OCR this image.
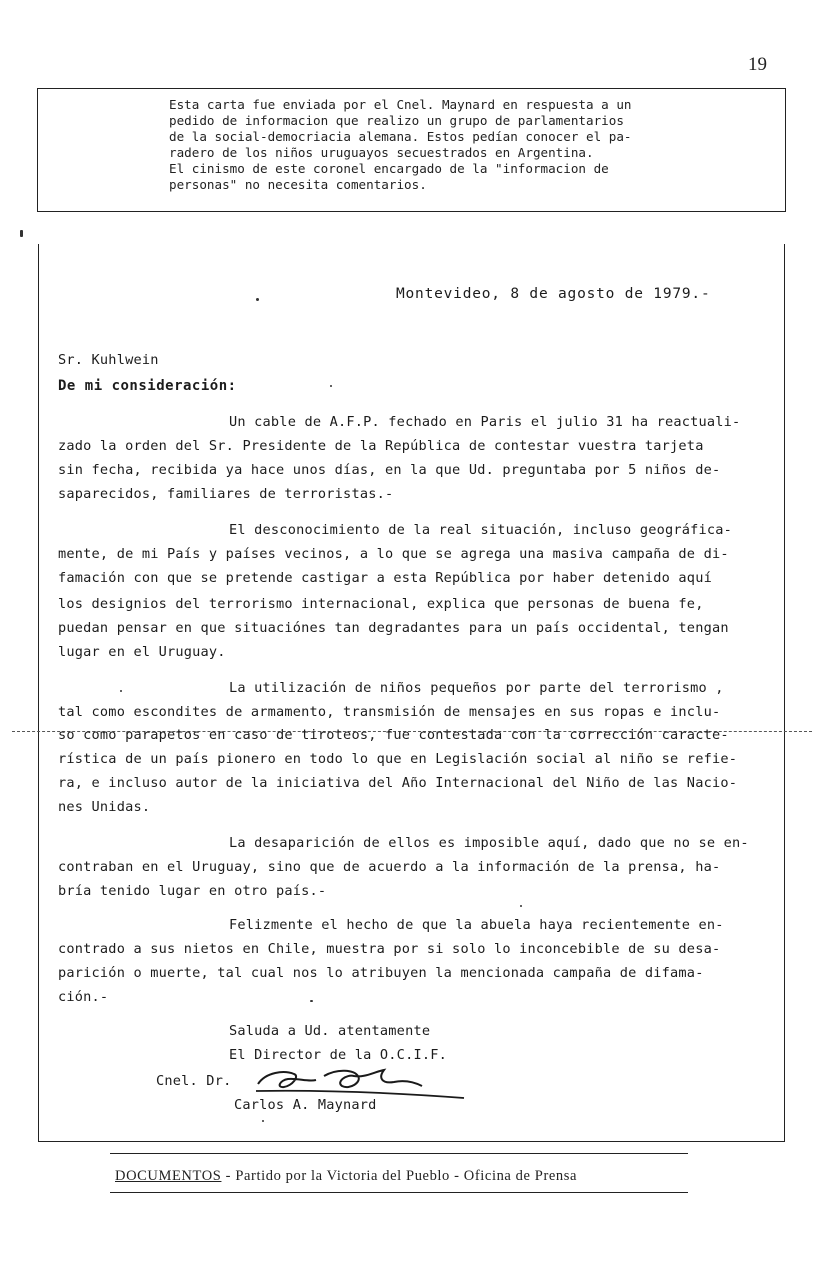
19
Esta carta fue enviada por el Cnel. Maynard en respuesta a un
pedido de informacion que realizo un grupo de parlamentarios
de la social-democriacia alemana. Estos pedían conocer el pa-
radero de los niños uruguayos secuestrados en Argentina.
El cinismo de este coronel encargado de la "informacion de
personas" no necesita comentarios.
Montevideo, 8 de agosto de 1979.-
Sr. Kuhlwein
De mi consideración:
Un cable de A.F.P. fechado en Paris el julio 31 ha reactuali-
zado la orden del Sr. Presidente de la República de contestar vuestra tarjeta
sin fecha, recibida ya hace unos días, en la que Ud. preguntaba por 5 niños de-
saparecidos, familiares de terroristas.-
El desconocimiento de la real situación, incluso geográfica-
mente, de mi País y países vecinos, a lo que se agrega una masiva campaña de di-
famación con que se pretende castigar a esta República por haber detenido aquí
los designios del terrorismo internacional, explica que personas de buena fe,
puedan pensar en que situaciónes tan degradantes para un país occidental, tengan
lugar en el Uruguay.
La utilización de niños pequeños por parte del terrorismo ,
tal como escondites de armamento, transmisión de mensajes en sus ropas e inclu-
so como parapetos en caso de tiroteos, fue contestada con la corrección caracte-
rística de un país pionero en todo lo que en Legislación social al niño se refie-
ra, e incluso autor de la iniciativa del Año Internacional del Niño de las Nacio-
nes Unidas.
La desaparición de ellos es imposible aquí, dado que no se en-
contraban en el Uruguay, sino que de acuerdo a la información de la prensa, ha-
bría tenido lugar en otro país.-
Felizmente el hecho de que la abuela haya recientemente en-
contrado a sus nietos en Chile, muestra por si solo lo inconcebible de su desa-
parición o muerte, tal cual nos lo atribuyen la mencionada campaña de difama-
ción.-
Saluda a Ud. atentamente
El Director de la O.C.I.F.
Cnel. Dr.
Carlos A. Maynard
DOCUMENTOS - Partido por la Victoria del Pueblo - Oficina de Prensa
